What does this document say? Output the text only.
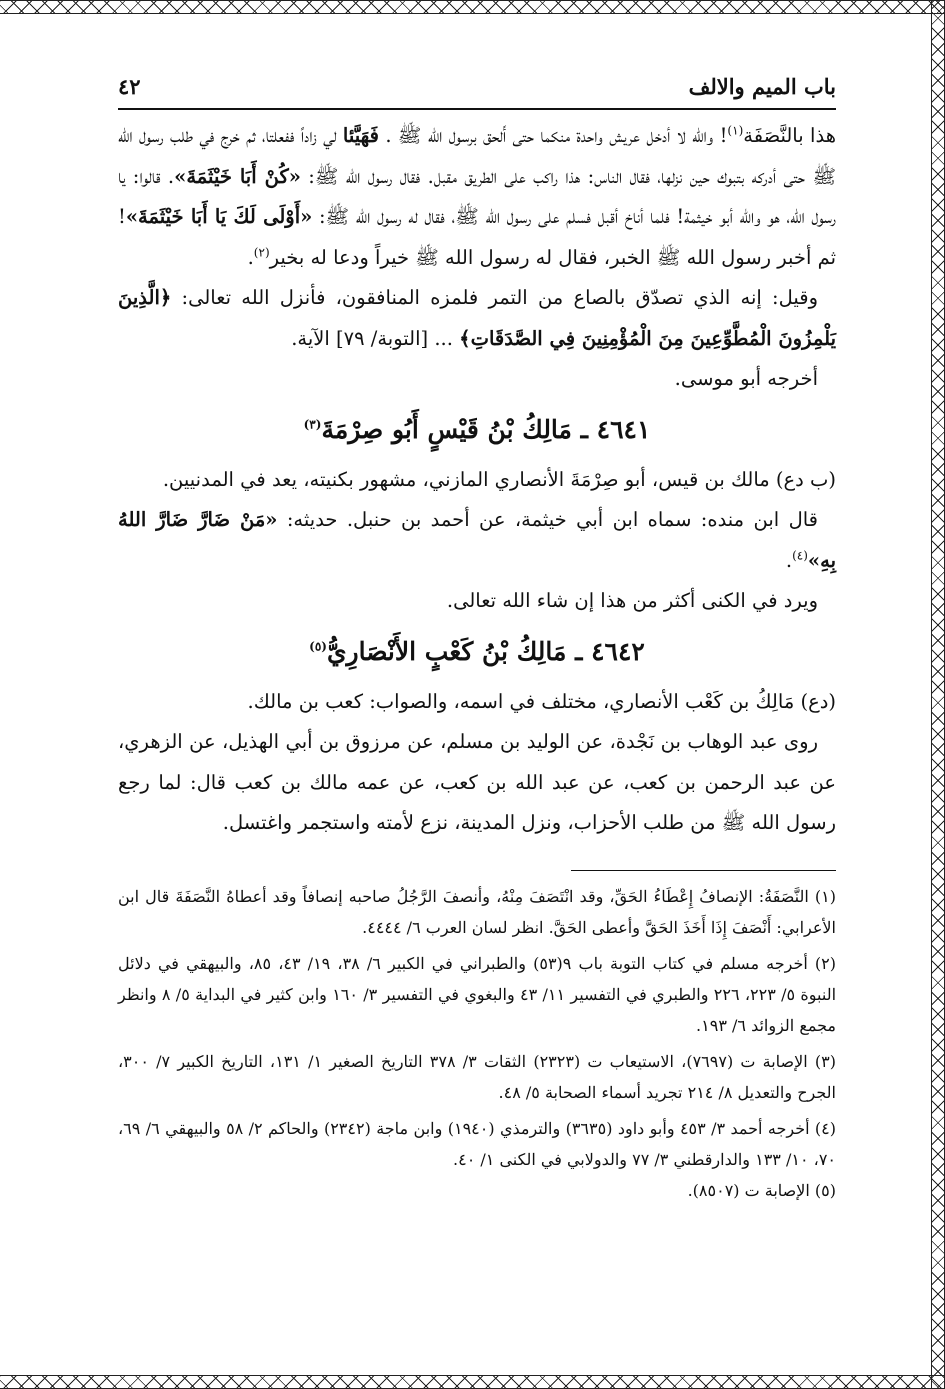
باب الميم والالف
٤٢

هذا بالنَّصَفَة$^{(١)}$! والله لا أدخل عريش واحدة منكما حتى أَلحق برسول الله ﷺ . فَهَيَّئا لي زاداً ففعلتا، ثم خرج في طلب رسول الله ﷺ حتى أدركه بتبوك حين نزلها، فقال الناس: هذا راكب على الطريق مقبل. فقال رسول الله ﷺ: «كُنْ أَبَا خَيْثَمَةَ». قالوا: يا رسول الله، هو والله أبو خيثمة! فلما أناخ أقبل فسلم على رسول الله ﷺ، فقال له رسول الله ﷺ: «أَوْلَى لَكَ يَا أَبَا خَيْثَمَةَ»! ثم أخبر رسول الله ﷺ الخبر، فقال له رسول الله ﷺ خيراً ودعا له بخير$^{(٢)}$.

وقيل: إنه الذي تصدّق بالصاع من التمر فلمزه المنافقون، فأنزل الله تعالى: ﴿الَّذِينَ يَلْمِزُونَ الْمُطَّوِّعِينَ مِنَ الْمُؤْمِنِينَ فِي الصَّدَقَاتِ﴾ ... [التوبة/ ٧٩] الآية.

أخرجه أبو موسى.

٤٦٤١ ـ مَالِكُ بْنُ قَيْسٍ أَبُو صِرْمَةَ$^{(٣)}$

(ب دع) مالك بن قيس، أبو صِرْمَةَ الأنصاري المازني، مشهور بكنيته، يعد في المدنيين.

قال ابن منده: سماه ابن أبي خيثمة، عن أحمد بن حنبل. حديثه: «مَنْ ضَارَّ ضَارَّ اللهُ بِهِ»$^{(٤)}$.

ويرد في الكنى أكثر من هذا إن شاء الله تعالى.

٤٦٤٢ ـ مَالِكُ بْنُ كَعْبٍ الأَنْصَارِيُّ$^{(٥)}$

(دع) مَالِكُ بن كَعْب الأنصاري، مختلف في اسمه، والصواب: كعب بن مالك.

روى عبد الوهاب بن نَجْدة، عن الوليد بن مسلم، عن مرزوق بن أبي الهذيل، عن الزهري، عن عبد الرحمن بن كعب، عن عبد الله بن كعب، عن عمه مالك بن كعب قال: لما رجع رسول الله ﷺ من طلب الأحزاب، ونزل المدينة، نزع لأمته واستجمر واغتسل.

(١) النَّصَفَةُ: الإنصافُ إِعْطَاءُ الحَقِّ، وقد انْتَصَفَ مِنْهُ، وأنصفَ الرَّجُلُ صاحبه إنصافاً وقد أعطاهُ النَّصَفَةَ قال ابن الأعرابي: أَنْصَفَ إِذَا أَخَذَ الحَقَّ وأعطى الحَقَّ. انظر لسان العرب ٦/ ٤٤٤٤.

(٢) أخرجه مسلم في كتاب التوبة باب ٩(٥٣) والطبراني في الكبير ٦/ ٣٨، ١٩/ ٤٣، ٨٥، والبيهقي في دلائل النبوة ٥/ ٢٢٣، ٢٢٦ والطبري في التفسير ١١/ ٤٣ والبغوي في التفسير ٣/ ١٦٠ وابن كثير في البداية ٥/ ٨ وانظر مجمع الزوائد ٦/ ١٩٣.

(٣) الإصابة ت (٧٦٩٧)، الاستيعاب ت (٢٣٢٣) الثقات ٣/ ٣٧٨ التاريخ الصغير ١/ ١٣١، التاريخ الكبير ٧/ ٣٠٠، الجرح والتعديل ٨/ ٢١٤ تجريد أسماء الصحابة ٥/ ٤٨.

(٤) أخرجه أحمد ٣/ ٤٥٣ وأبو داود (٣٦٣٥) والترمذي (١٩٤٠) وابن ماجة (٢٣٤٢) والحاكم ٢/ ٥٨ والبيهقي ٦/ ٦٩، ٧٠، ١٠/ ١٣٣ والدارقطني ٣/ ٧٧ والدولابي في الكنى ١/ ٤٠.

(٥) الإصابة ت (٨٥٠٧).
